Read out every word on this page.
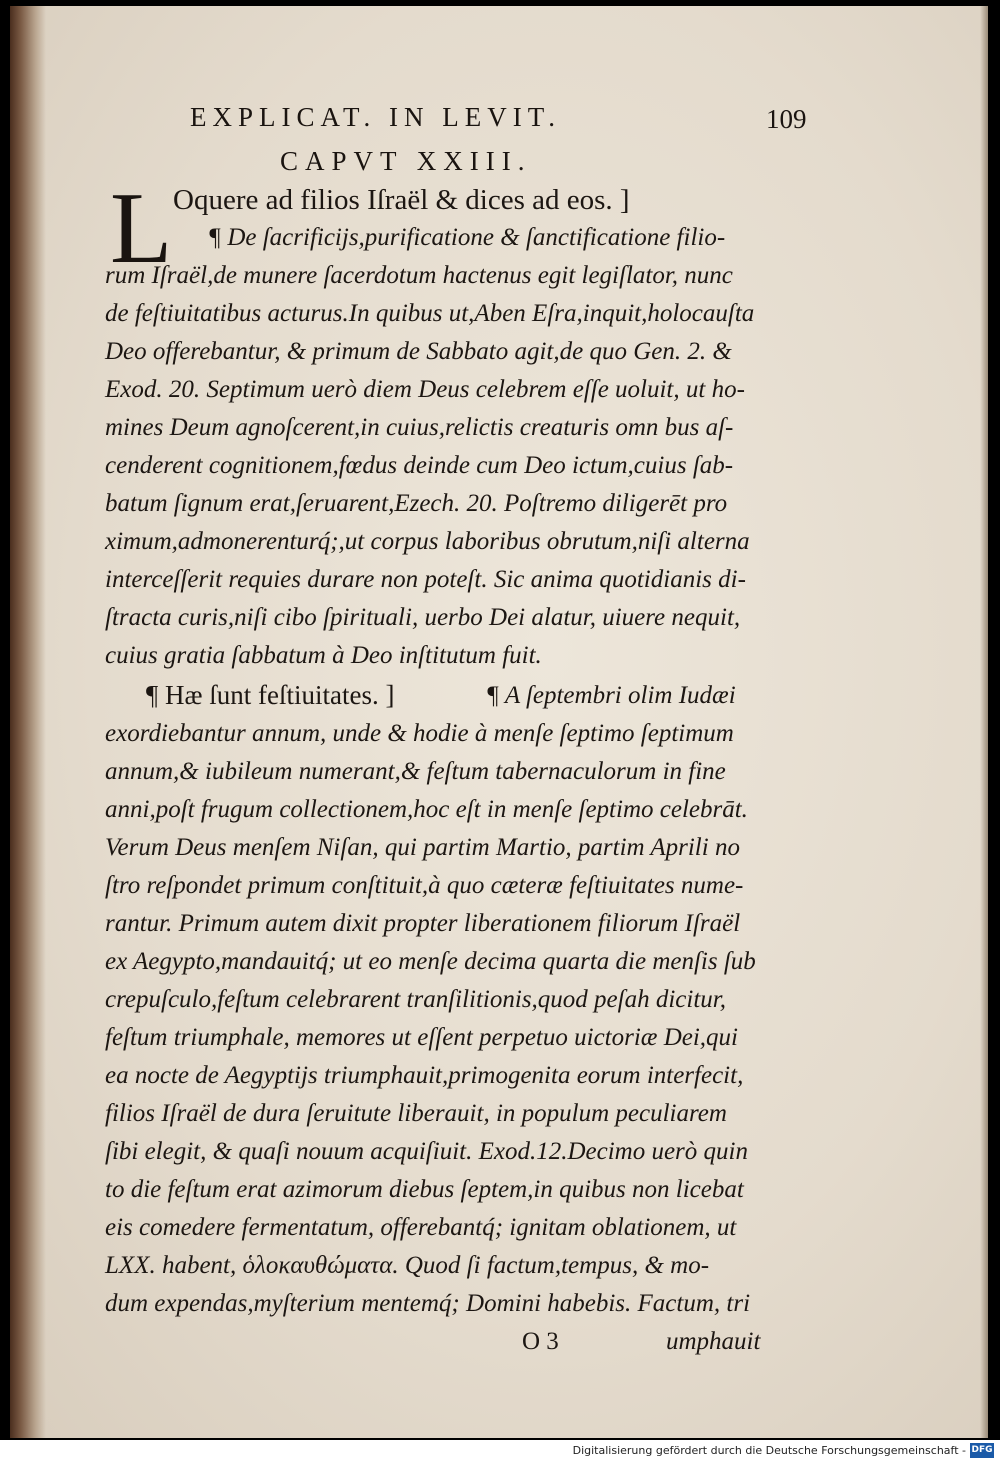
EXPLICAT. IN LEVIT.	109
CAPVT XXIII.
L Oquere ad filios Iſraël & dices ad eos. ]
¶ De ſacrificijs,purificatione & ſanctificatione filio-
rum Iſraël,de munere ſacerdotum hactenus egit legiſlator, nunc
de feſtiuitatibus acturus.In quibus ut,Aben Eſra,inquit,holocauſta
Deo offerebantur, & primum de Sabbato agit,de quo Gen. 2. &
Exod. 20. Septimum uerò diem Deus celebrem eſſe uoluit, ut ho-
mines Deum agnoſcerent,in cuius,relictis creaturis omn bus aſ-
cenderent cognitionem,fœdus deinde cum Deo ictum,cuius ſab-
batum ſignum erat,ſeruarent,Ezech. 20. Poſtremo diligerēt pro
ximum,admonerenturq́;,ut corpus laboribus obrutum,niſi alterna
interceſſerit requies durare non poteſt. Sic anima quotidianis di-
ſtracta curis,niſi cibo ſpirituali, uerbo Dei alatur, uiuere nequit,
cuius gratia ſabbatum à Deo inſtitutum fuit.
¶ Hæ ſunt feſtiuitates. ]	¶ A ſeptembri olim Iudæi
exordiebantur annum, unde & hodie à menſe ſeptimo ſeptimum
annum,& iubileum numerant,& feſtum tabernaculorum in fine
anni,poſt frugum collectionem,hoc eſt in menſe ſeptimo celebrāt.
Verum Deus menſem Niſan, qui partim Martio, partim Aprili no
ſtro reſpondet primum conſtituit,à quo cæteræ feſtiuitates nume-
rantur. Primum autem dixit propter liberationem filiorum Iſraël
ex Aegypto,mandauitq́; ut eo menſe decima quarta die menſis ſub
crepuſculo,feſtum celebrarent tranſilitionis,quod peſah dicitur,
feſtum triumphale, memores ut eſſent perpetuo uictoriæ Dei,qui
ea nocte de Aegyptijs triumphauit,primogenita eorum interfecit,
filios Iſraël de dura ſeruitute liberauit, in populum peculiarem
ſibi elegit, & quaſi nouum acquiſiuit. Exod.12.Decimo uerò quin
to die feſtum erat azimorum diebus ſeptem,in quibus non licebat
eis comedere fermentatum, offerebantq́; ignitam oblationem, ut
LXX. habent, ὁλοκαυθώματα. Quod ſi factum,tempus, & mo-
dum expendas,myſterium mentemq́; Domini habebis. Factum, tri
O 3	umphauit
Digitalisierung gefördert durch die Deutsche Forschungsgemeinschaft - DFG
